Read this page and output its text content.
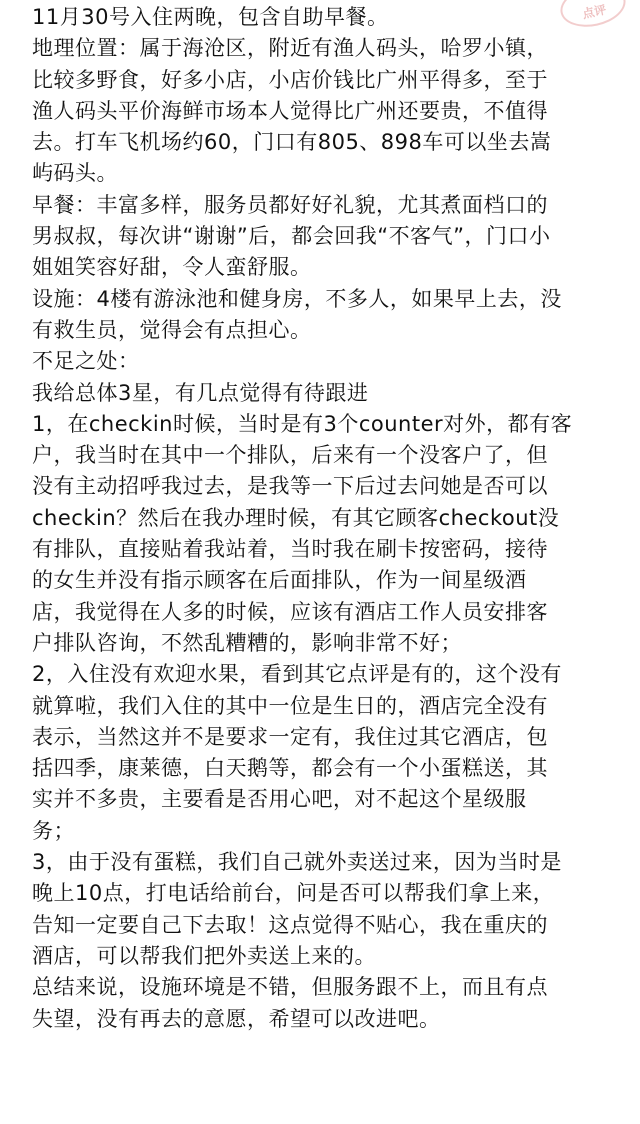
点评
11月30号入住两晚，包含自助早餐。
地理位置：属于海沧区，附近有渔人码头，哈罗小镇，
比较多野食，好多小店，小店价钱比广州平得多，至于
渔人码头平价海鲜市场本人觉得比广州还要贵，不值得
去。打车飞机场约60，门口有805、898车可以坐去嵩
屿码头。
早餐：丰富多样，服务员都好好礼貌，尤其煮面档口的
男叔叔，每次讲“谢谢”后，都会回我“不客气”，门口小
姐姐笑容好甜，令人蛮舒服。
设施：4楼有游泳池和健身房，不多人，如果早上去，没
有救生员，觉得会有点担心。
不足之处：
我给总体3星，有几点觉得有待跟进
1，在checkin时候，当时是有3个counter对外，都有客
户，我当时在其中一个排队，后来有一个没客户了，但
没有主动招呼我过去，是我等一下后过去问她是否可以
checkin？然后在我办理时候，有其它顾客checkout没
有排队，直接贴着我站着，当时我在刷卡按密码，接待
的女生并没有指示顾客在后面排队，作为一间星级酒
店，我觉得在人多的时候，应该有酒店工作人员安排客
户排队咨询，不然乱糟糟的，影响非常不好；
2，入住没有欢迎水果，看到其它点评是有的，这个没有
就算啦，我们入住的其中一位是生日的，酒店完全没有
表示，当然这并不是要求一定有，我住过其它酒店，包
括四季，康莱德，白天鹅等，都会有一个小蛋糕送，其
实并不多贵，主要看是否用心吧，对不起这个星级服
务；
3，由于没有蛋糕，我们自己就外卖送过来，因为当时是
晚上10点，打电话给前台，问是否可以帮我们拿上来，
告知一定要自己下去取！这点觉得不贴心，我在重庆的
酒店，可以帮我们把外卖送上来的。
总结来说，设施环境是不错，但服务跟不上，而且有点
失望，没有再去的意愿，希望可以改进吧。
